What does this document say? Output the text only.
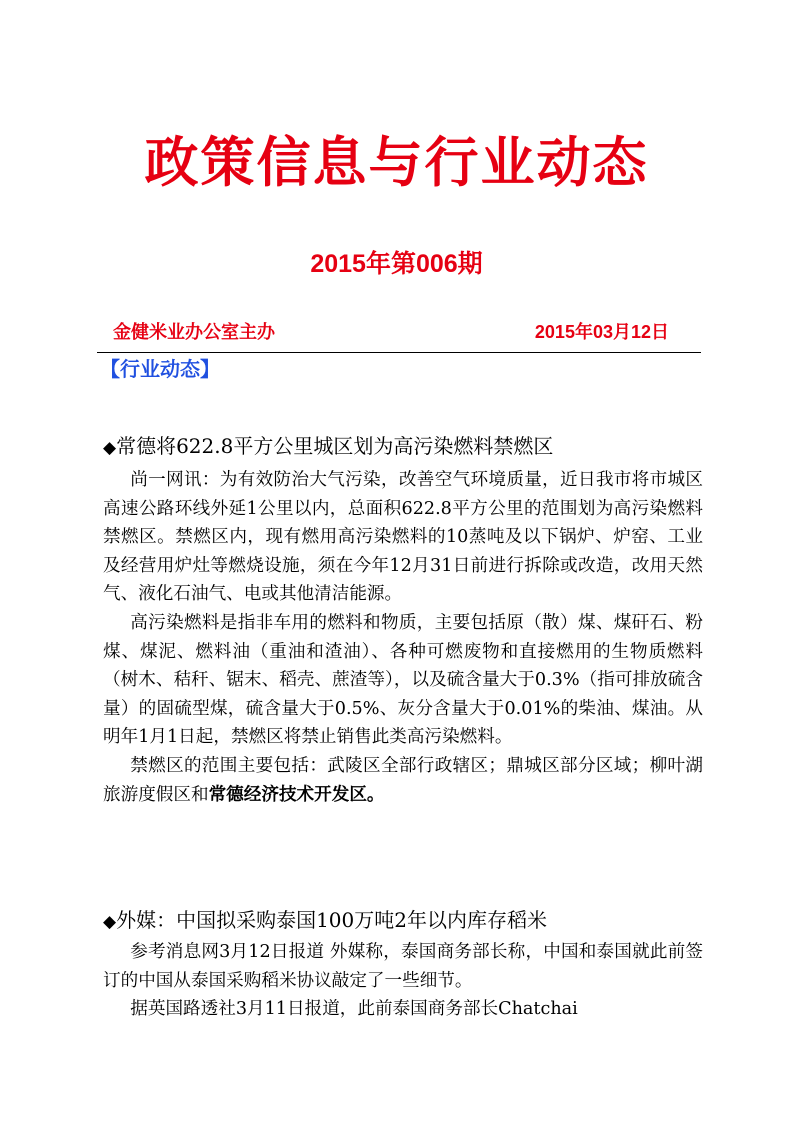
政策信息与行业动态
2015年第006期
金健米业办公室主办	2015年03月12日
【行业动态】
◆常德将622.8平方公里城区划为高污染燃料禁燃区

尚一网讯：为有效防治大气污染，改善空气环境质量，近日我市将市城区高速公路环线外延1公里以内，总面积622.8平方公里的范围划为高污染燃料禁燃区。禁燃区内，现有燃用高污染燃料的10蒸吨及以下锅炉、炉窑、工业及经营用炉灶等燃烧设施，须在今年12月31日前进行拆除或改造，改用天然气、液化石油气、电或其他清洁能源。

高污染燃料是指非车用的燃料和物质，主要包括原（散）煤、煤矸石、粉煤、煤泥、燃料油（重油和渣油）、各种可燃废物和直接燃用的生物质燃料（树木、秸秆、锯末、稻壳、蔗渣等），以及硫含量大于0.3%（指可排放硫含量）的固硫型煤，硫含量大于0.5%、灰分含量大于0.01%的柴油、煤油。从明年1月1日起，禁燃区将禁止销售此类高污染燃料。

禁燃区的范围主要包括：武陵区全部行政辖区；鼎城区部分区域；柳叶湖旅游度假区和常德经济技术开发区。

◆外媒：中国拟采购泰国100万吨2年以内库存稻米

参考消息网3月12日报道 外媒称，泰国商务部长称，中国和泰国就此前签订的中国从泰国采购稻米协议敲定了一些细节。

据英国路透社3月11日报道，此前泰国商务部长Chatchai
